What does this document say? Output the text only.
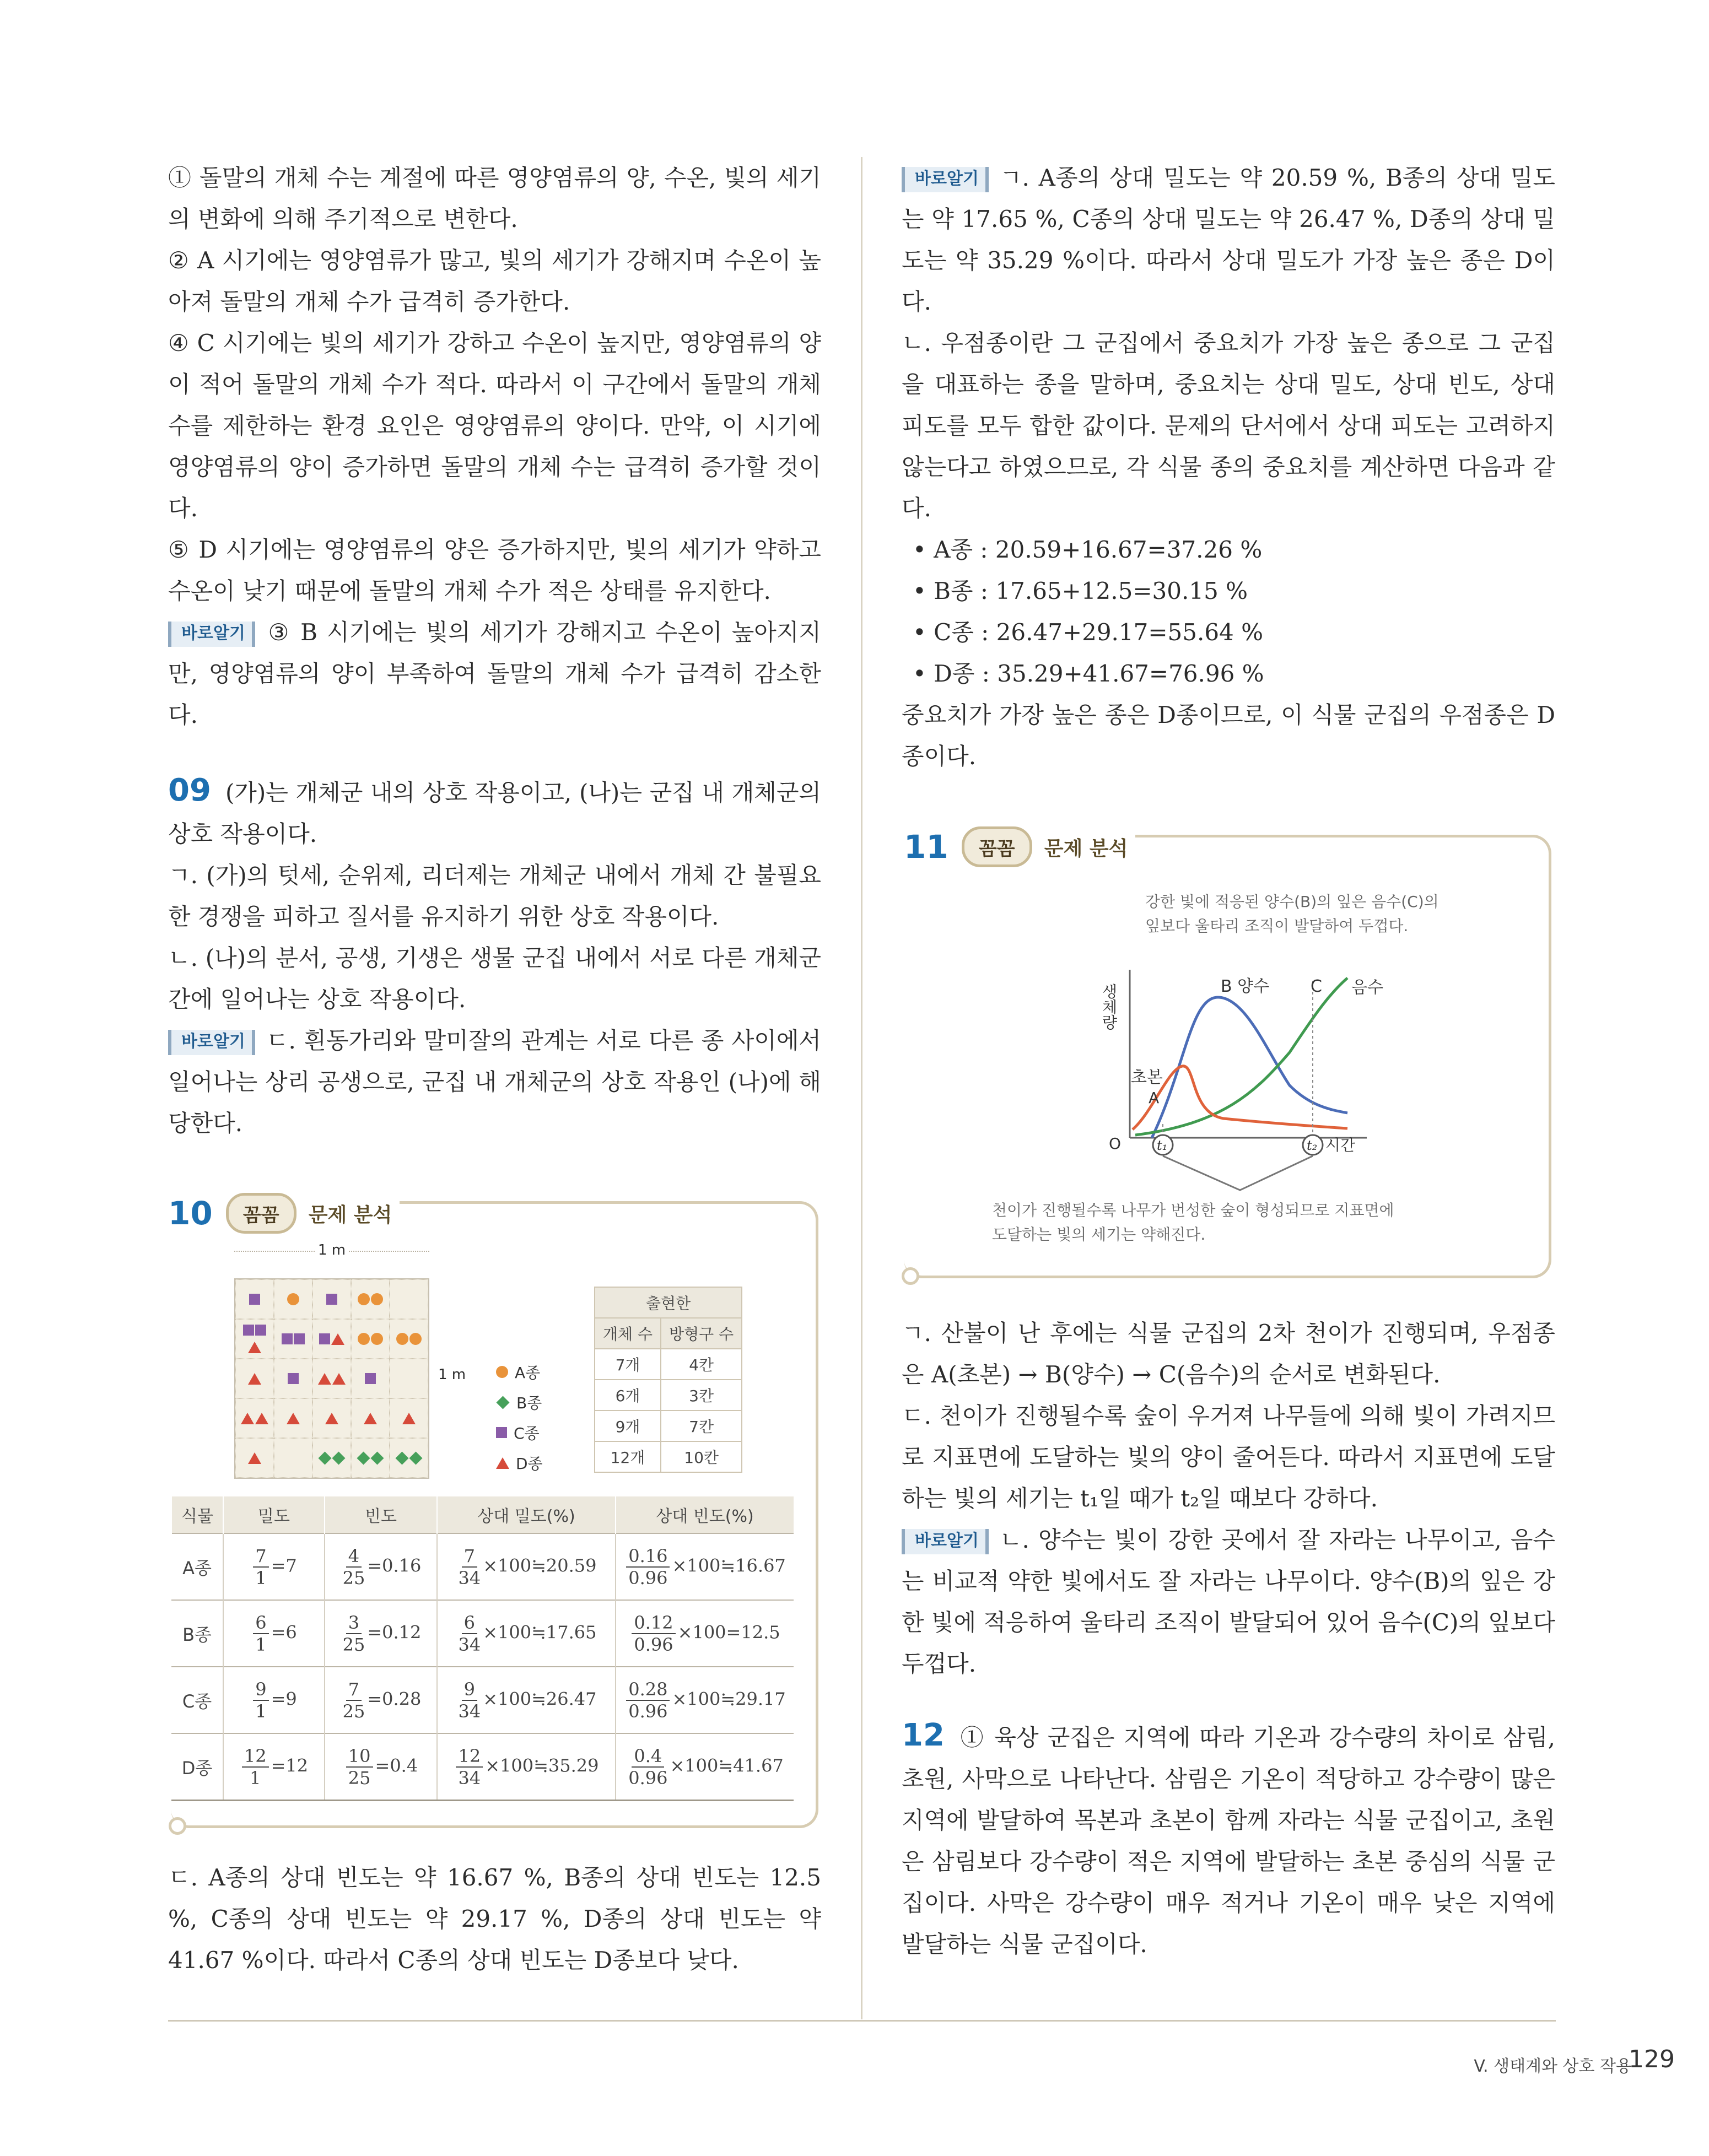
① 돌말의 개체 수는 계절에 따른 영양염류의 양, 수온, 빛의 세기의 변화에 의해 주기적으로 변한다.

② A 시기에는 영양염류가 많고, 빛의 세기가 강해지며 수온이 높아져 돌말의 개체 수가 급격히 증가한다.

④ C 시기에는 빛의 세기가 강하고 수온이 높지만, 영양염류의 양이 적어 돌말의 개체 수가 적다. 따라서 이 구간에서 돌말의 개체 수를 제한하는 환경 요인은 영양염류의 양이다. 만약, 이 시기에 영양염류의 양이 증가하면 돌말의 개체 수는 급격히 증가할 것이다.

⑤ D 시기에는 영양염류의 양은 증가하지만, 빛의 세기가 약하고 수온이 낮기 때문에 돌말의 개체 수가 적은 상태를 유지한다.

바로알기 ③ B 시기에는 빛의 세기가 강해지고 수온이 높아지지만, 영양염류의 양이 부족하여 돌말의 개체 수가 급격히 감소한다.

09 (가)는 개체군 내의 상호 작용이고, (나)는 군집 내 개체군의 상호 작용이다.

ㄱ. (가)의 텃세, 순위제, 리더제는 개체군 내에서 개체 간 불필요한 경쟁을 피하고 질서를 유지하기 위한 상호 작용이다.

ㄴ. (나)의 분서, 공생, 기생은 생물 군집 내에서 서로 다른 개체군 간에 일어나는 상호 작용이다.

바로알기 ㄷ. 흰동가리와 말미잘의 관계는 서로 다른 종 사이에서 일어나는 상리 공생으로, 군집 내 개체군의 상호 작용인 (나)에 해당한다.

10	꼼꼼	문제 분석
1 m
1 m	A종
B종
C종
D종
출현한	
개체 수	방형구 수
7개	4칸
6개	3칸
9개	7칸
12개	10칸
식물	밀도	빈도	상대 밀도(%)	상대 빈도(%)
A종	$\frac{7}{1} =7$	$\frac{4}{25} =0.16$	$\frac{7}{34}$ ×100≒20.59	$\frac{0.16}{0.96}$ ×100≒16.67
B종	$\frac{6}{1} =6$	$\frac{3}{25} =0.12$	$\frac{6}{34}$ ×100≒17.65	$\frac{0.12}{0.96} \times 100=12.5$
C종	$\frac{9}{1} =9$	$\frac{7}{25} =0.28$	$\frac{9}{34}$ ×100≒26.47	$\frac{0.28}{0.96}$ ×100≒29.17
D종	$\frac{12}{1} =12$	$\frac{10}{25} =0.4$	$\frac{12}{34}$ ×100≒35.29	$\frac{0.4}{0.96}$ ×100≒41.67

ㄷ. A종의 상대 빈도는 약 16.67 %, B종의 상대 빈도는 12.5 %, C종의 상대 빈도는 약 29.17 %, D종의 상대 빈도는 약 41.67 %이다. 따라서 C종의 상대 빈도는 D종보다 낮다.

바로알기 ㄱ. A종의 상대 밀도는 약 20.59 %, B종의 상대 밀도는 약 17.65 %, C종의 상대 밀도는 약 26.47 %, D종의 상대 밀도는 약 35.29 %이다. 따라서 상대 밀도가 가장 높은 종은 D이다.

ㄴ. 우점종이란 그 군집에서 중요치가 가장 높은 종으로 그 군집을 대표하는 종을 말하며, 중요치는 상대 밀도, 상대 빈도, 상대 피도를 모두 합한 값이다. 문제의 단서에서 상대 피도는 고려하지 않는다고 하였으므로, 각 식물 종의 중요치를 계산하면 다음과 같다.

• A종 : 20.59+16.67=37.26 %

• B종 : 17.65+12.5=30.15 %

• C종 : 26.47+29.17=55.64 %

• D종 : 35.29+41.67=76.96 %

중요치가 가장 높은 종은 D종이므로, 이 식물 군집의 우점종은 D종이다.

11	꼼꼼	문제 분석
강한 빛에 적응된 양수(B)의 잎은 음수(C)의
잎보다 울타리 조직이 발달하여 두껍다.
생체량	B 양수 C 음수
초본
A
O	t₁	t₂ 시간
천이가 진행될수록 나무가 번성한 숲이 형성되므로 지표면에
도달하는 빛의 세기는 약해진다.

ㄱ. 산불이 난 후에는 식물 군집의 2차 천이가 진행되며, 우점종은 A(초본) → B(양수) → C(음수)의 순서로 변화된다.

ㄷ. 천이가 진행될수록 숲이 우거져 나무들에 의해 빛이 가려지므로 지표면에 도달하는 빛의 양이 줄어든다. 따라서 지표면에 도달하는 빛의 세기는 t₁일 때가 t₂일 때보다 강하다.

바로알기 ㄴ. 양수는 빛이 강한 곳에서 잘 자라는 나무이고, 음수는 비교적 약한 빛에서도 잘 자라는 나무이다. 양수(B)의 잎은 강한 빛에 적응하여 울타리 조직이 발달되어 있어 음수(C)의 잎보다 두껍다.

12 ① 육상 군집은 지역에 따라 기온과 강수량의 차이로 삼림, 초원, 사막으로 나타난다. 삼림은 기온이 적당하고 강수량이 많은 지역에 발달하여 목본과 초본이 함께 자라는 식물 군집이고, 초원은 삼림보다 강수량이 적은 지역에 발달하는 초본 중심의 식물 군집이다. 사막은 강수량이 매우 적거나 기온이 매우 낮은 지역에 발달하는 식물 군집이다.

V. 생태계와 상호 작용
129
